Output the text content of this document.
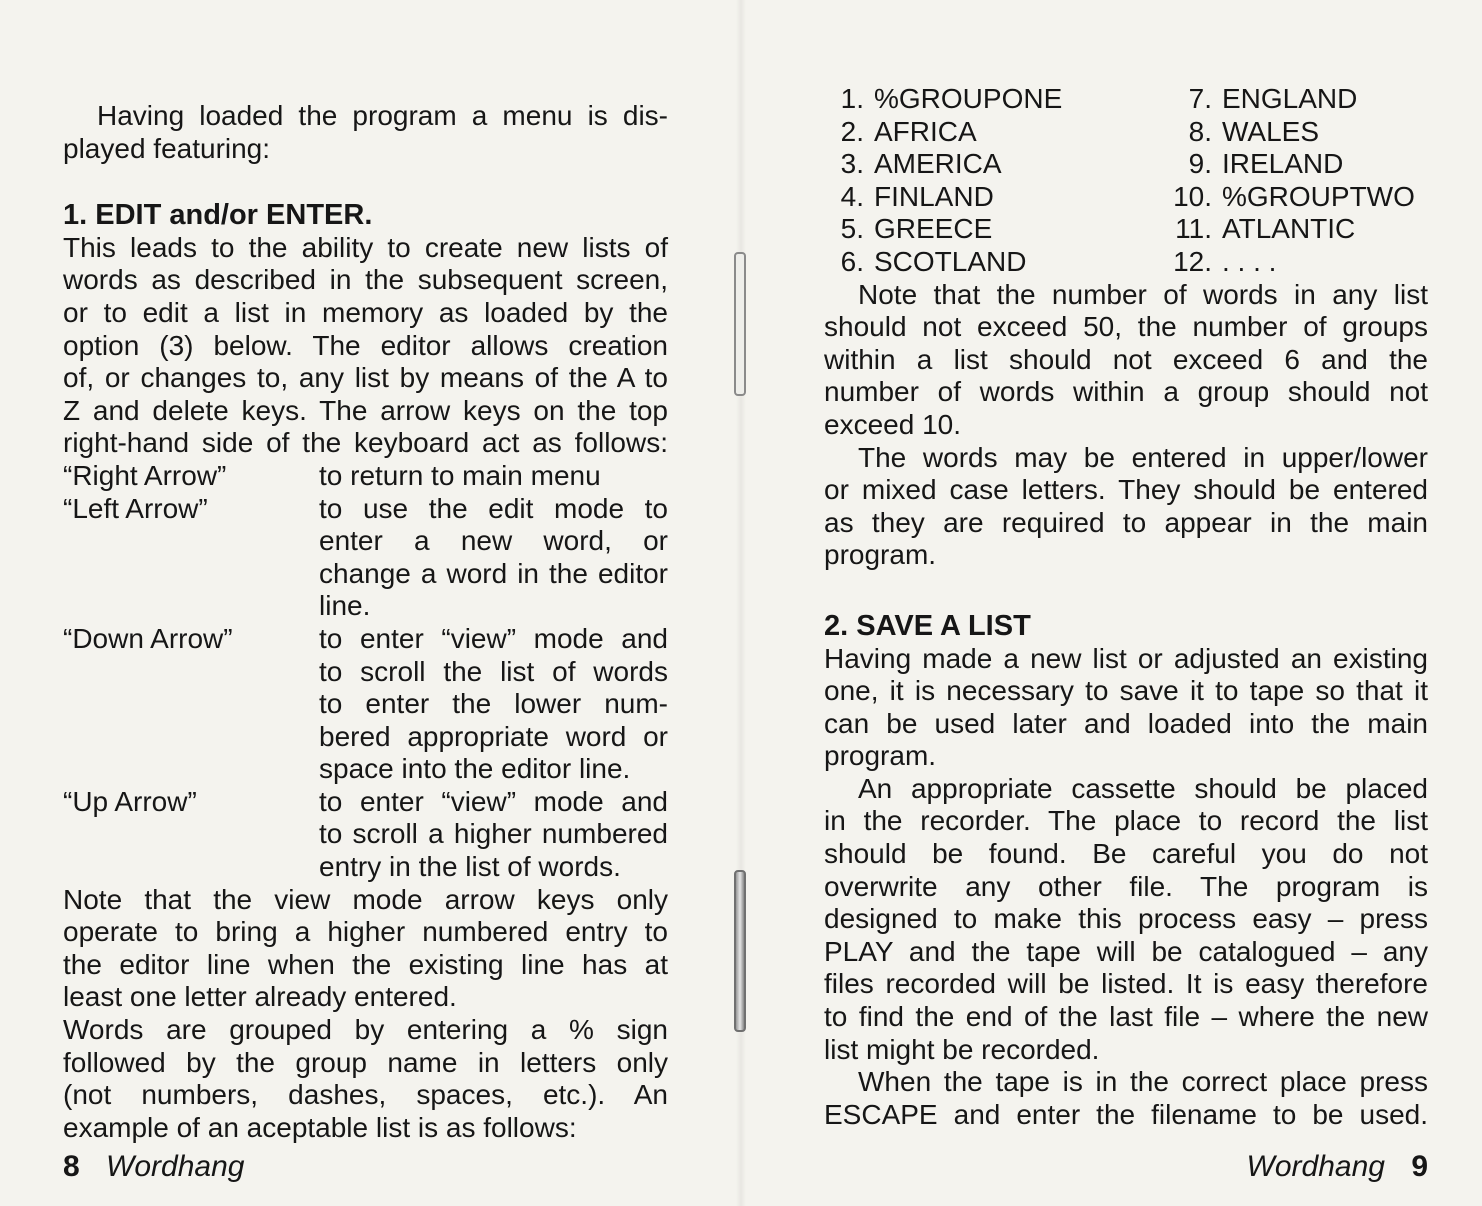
Having loaded the program a menu is dis-

played featuring:

1. EDIT and/or ENTER.

This leads to the ability to create new lists of

words as described in the subsequent screen,

or to edit a list in memory as loaded by the

option (3) below. The editor allows creation

of, or changes to, any list by means of the A to

Z and delete keys. The arrow keys on the top

right-hand side of the keyboard act as follows:

“Right Arrow”	to return to main menu

“Left Arrow”	to use the edit mode to

enter a new word, or

change a word in the editor

line.

“Down Arrow”	to enter “view” mode and

to scroll the list of words

to enter the lower num-

bered appropriate word or

space into the editor line.

“Up Arrow”	to enter “view” mode and

to scroll a higher numbered

entry in the list of words.

Note that the view mode arrow keys only

operate to bring a higher numbered entry to

the editor line when the existing line has at

least one letter already entered.

Words are grouped by entering a % sign

followed by the group name in letters only

(not numbers, dashes, spaces, etc.). An

example of an aceptable list is as follows:

8 Wordhang
1. %GROUPONE	7. ENGLAND
2. AFRICA	8. WALES
3. AMERICA	9. IRELAND
4. FINLAND	10. %GROUPTWO
5. GREECE	11. ATLANTIC
6. SCOTLAND	12. . . . .

Note that the number of words in any list

should not exceed 50, the number of groups

within a list should not exceed 6 and the

number of words within a group should not

exceed 10.

The words may be entered in upper/lower

or mixed case letters. They should be entered

as they are required to appear in the main

program.

2. SAVE A LIST

Having made a new list or adjusted an existing

one, it is necessary to save it to tape so that it

can be used later and loaded into the main

program.

An appropriate cassette should be placed

in the recorder. The place to record the list

should be found. Be careful you do not

overwrite any other file. The program is

designed to make this process easy – press

PLAY and the tape will be catalogued – any

files recorded will be listed. It is easy therefore

to find the end of the last file – where the new

list might be recorded.

When the tape is in the correct place press

ESCAPE and enter the filename to be used.

Wordhang 9
